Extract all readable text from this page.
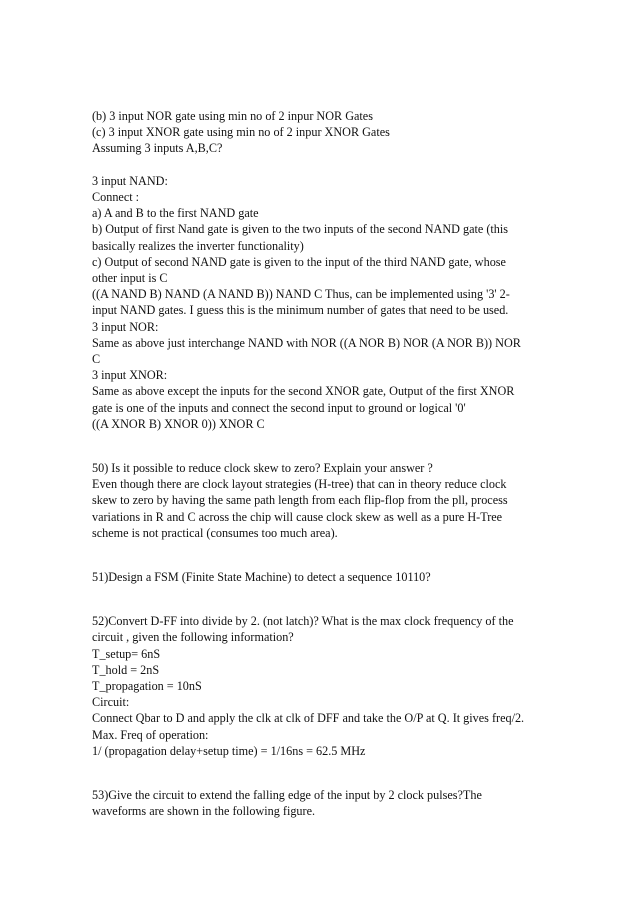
(b) 3 input NOR gate using min no of 2 inpur NOR Gates
(c) 3 input XNOR gate using min no of 2 inpur XNOR Gates
Assuming 3 inputs A,B,C?
3 input NAND:
Connect :
a) A and B to the first NAND gate
b) Output of first Nand gate is given to the two inputs of the second NAND gate (this
basically realizes the inverter functionality)
c) Output of second NAND gate is given to the input of the third NAND gate, whose
other input is C
((A NAND B) NAND (A NAND B)) NAND C Thus, can be implemented using '3' 2-
input NAND gates. I guess this is the minimum number of gates that need to be used.
3 input NOR:
Same as above just interchange NAND with NOR ((A NOR B) NOR (A NOR B)) NOR
C
3 input XNOR:
Same as above except the inputs for the second XNOR gate, Output of the first XNOR
gate is one of the inputs and connect the second input to ground or logical '0'
((A XNOR B) XNOR 0)) XNOR C
50) Is it possible to reduce clock skew to zero? Explain your answer ?
Even though there are clock layout strategies (H-tree) that can in theory reduce clock
skew to zero by having the same path length from each flip-flop from the pll, process
variations in R and C across the chip will cause clock skew as well as a pure H-Tree
scheme is not practical (consumes too much area).
51)Design a FSM (Finite State Machine) to detect a sequence 10110?
52)Convert D-FF into divide by 2. (not latch)? What is the max clock frequency of the
circuit , given the following information?
T_setup= 6nS
T_hold = 2nS
T_propagation = 10nS
Circuit:
Connect Qbar to D and apply the clk at clk of DFF and take the O/P at Q. It gives freq/2.
Max. Freq of operation:
1/ (propagation delay+setup time) = 1/16ns = 62.5 MHz
53)Give the circuit to extend the falling edge of the input by 2 clock pulses?The
waveforms are shown in the following figure.
